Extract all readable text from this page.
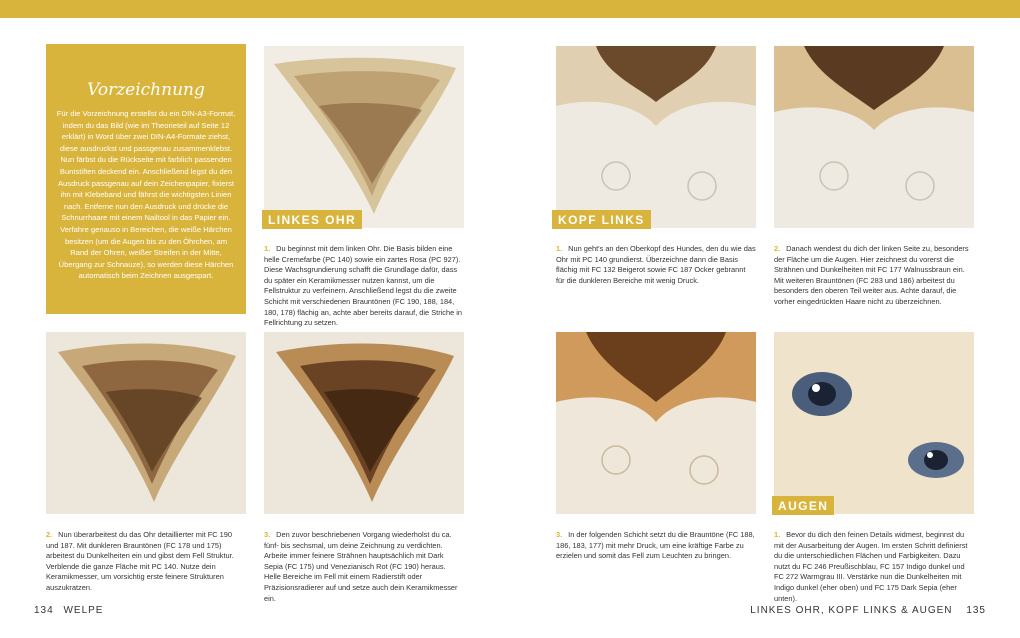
Vorzeichnung
Für die Vorzeichnung erstellst du ein DIN-A3-Format, indem du das Bild (wie im Theorieteil auf Seite 12 erklärt) in Word über zwei DIN-A4-Formate ziehst, diese ausdruckst und passgenau zusammenklebst. Nun färbst du die Rückseite mit farblich passenden Buntstiften deckend ein. Anschließend legst du den Ausdruck passgenau auf dein Zeichenpapier, fixierst ihn mit Klebeband und fährst die wichtigsten Linien nach. Entferne nun den Ausdruck und drücke die Schnurrhaare mit einem Nailtool in das Papier ein. Verfahre genauso in Bereichen, die weiße Härchen besitzen (um die Augen bis zu den Öhrchen, am Rand der Ohren, weißer Streifen in der Mitte, Übergang zur Schnauze), so werden diese Härchen automatisch beim Zeichnen ausgespart.
LINKES OHR
1. Du beginnst mit dem linken Ohr. Die Basis bilden eine helle Cremefarbe (PC 140) sowie ein zartes Rosa (PC 927). Diese Wachsgrundierung schafft die Grundlage dafür, dass du später ein Keramikmesser nutzen kannst, um die Fellstruktur zu verfeinern. Anschließend legst du die zweite Schicht mit verschiedenen Brauntönen (FC 190, 188, 184, 180, 178) flächig an, achte aber bereits darauf, die Striche in Fellrichtung zu setzen.
2. Nun überarbeitest du das Ohr detaillierter mit FC 190 und 187. Mit dunkleren Brauntönen (FC 178 und 175) arbeitest du Dunkelheiten ein und gibst dem Fell Struktur. Verblende die ganze Fläche mit PC 140. Nutze dein Keramikmesser, um vorsichtig erste feinere Strukturen auszukratzen.
3. Den zuvor beschriebenen Vorgang wiederholst du ca. fünf- bis sechsmal, um deine Zeichnung zu verdichten. Arbeite immer feinere Strähnen hauptsächlich mit Dark Sepia (FC 175) und Venezianisch Rot (FC 190) heraus. Helle Bereiche im Fell mit einem Radierstift oder Präzisionsradierer auf und setze auch dein Keramikmesser ein.
KOPF LINKS
AUGEN
1. Nun geht's an den Oberkopf des Hundes, den du wie das Ohr mit PC 140 grundierst. Überzeichne dann die Basis flächig mit FC 132 Beigerot sowie FC 187 Ocker gebrannt für die dunkleren Bereiche mit wenig Druck.
2. Danach wendest du dich der linken Seite zu, besonders der Fläche um die Augen. Hier zeichnest du vorerst die Strähnen und Dunkelheiten mit FC 177 Walnussbraun ein. Mit weiteren Brauntönen (FC 283 und 186) arbeitest du besonders den oberen Teil weiter aus. Achte darauf, die vorher eingedrückten Haare nicht zu überzeichnen.
3. In der folgenden Schicht setzt du die Brauntöne (FC 188, 186, 183, 177) mit mehr Druck, um eine kräftige Farbe zu erzielen und somit das Fell zum Leuchten zu bringen.
1. Bevor du dich den feinen Details widmest, beginnst du mit der Ausarbeitung der Augen. Im ersten Schritt definierst du die unterschiedlichen Flächen und Farbigkeiten. Dazu nutzt du FC 246 Preußischblau, FC 157 Indigo dunkel und FC 272 Warmgrau III. Verstärke nun die Dunkelheiten mit Indigo dunkel (eher oben) und FC 175 Dark Sepia (eher unten).
134 WELPE	LINKES OHR, KOPF LINKS & AUGEN 135
